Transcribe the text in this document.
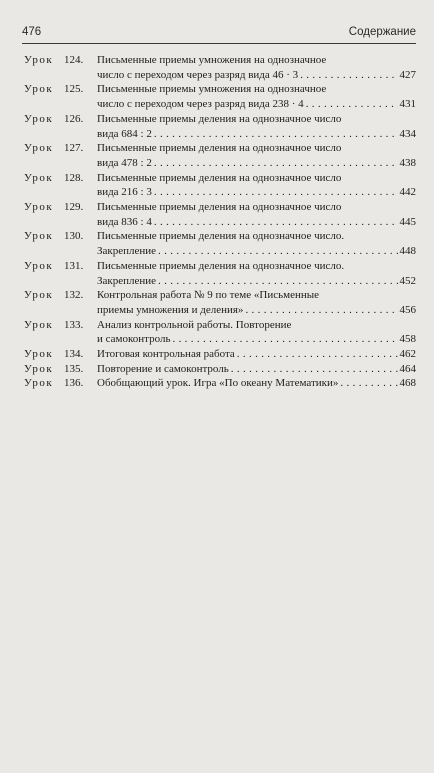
476	Содержание
Урок 124.	Письменные приемы умножения на однозначное
число с переходом через разряд вида 46 · 3 . . .	427
Урок 125.	Письменные приемы умножения на однозначное
число с переходом через разряд вида 238 · 4 . . .	431
Урок 126.	Письменные приемы деления на однозначное число
вида 684 : 2 . . .	434
Урок 127.	Письменные приемы деления на однозначное число
вида 478 : 2 . . .	438
Урок 128.	Письменные приемы деления на однозначное число
вида 216 : 3 . . .	442
Урок 129.	Письменные приемы деления на однозначное число
вида 836 : 4 . . .	445
Урок 130.	Письменные приемы деления на однозначное число.
Закрепление . . .	448
Урок 131.	Письменные приемы деления на однозначное число.
Закрепление . . .	452
Урок 132.	Контрольная работа № 9 по теме «Письменные
приемы умножения и деления» . . .	456
Урок 133.	Анализ контрольной работы. Повторение
и самоконтроль . . .	458
Урок 134.	Итоговая контрольная работа . . .	462
Урок 135.	Повторение и самоконтроль . . .	464
Урок 136.	Обобщающий урок. Игра «По океану Математики» . . .	468
